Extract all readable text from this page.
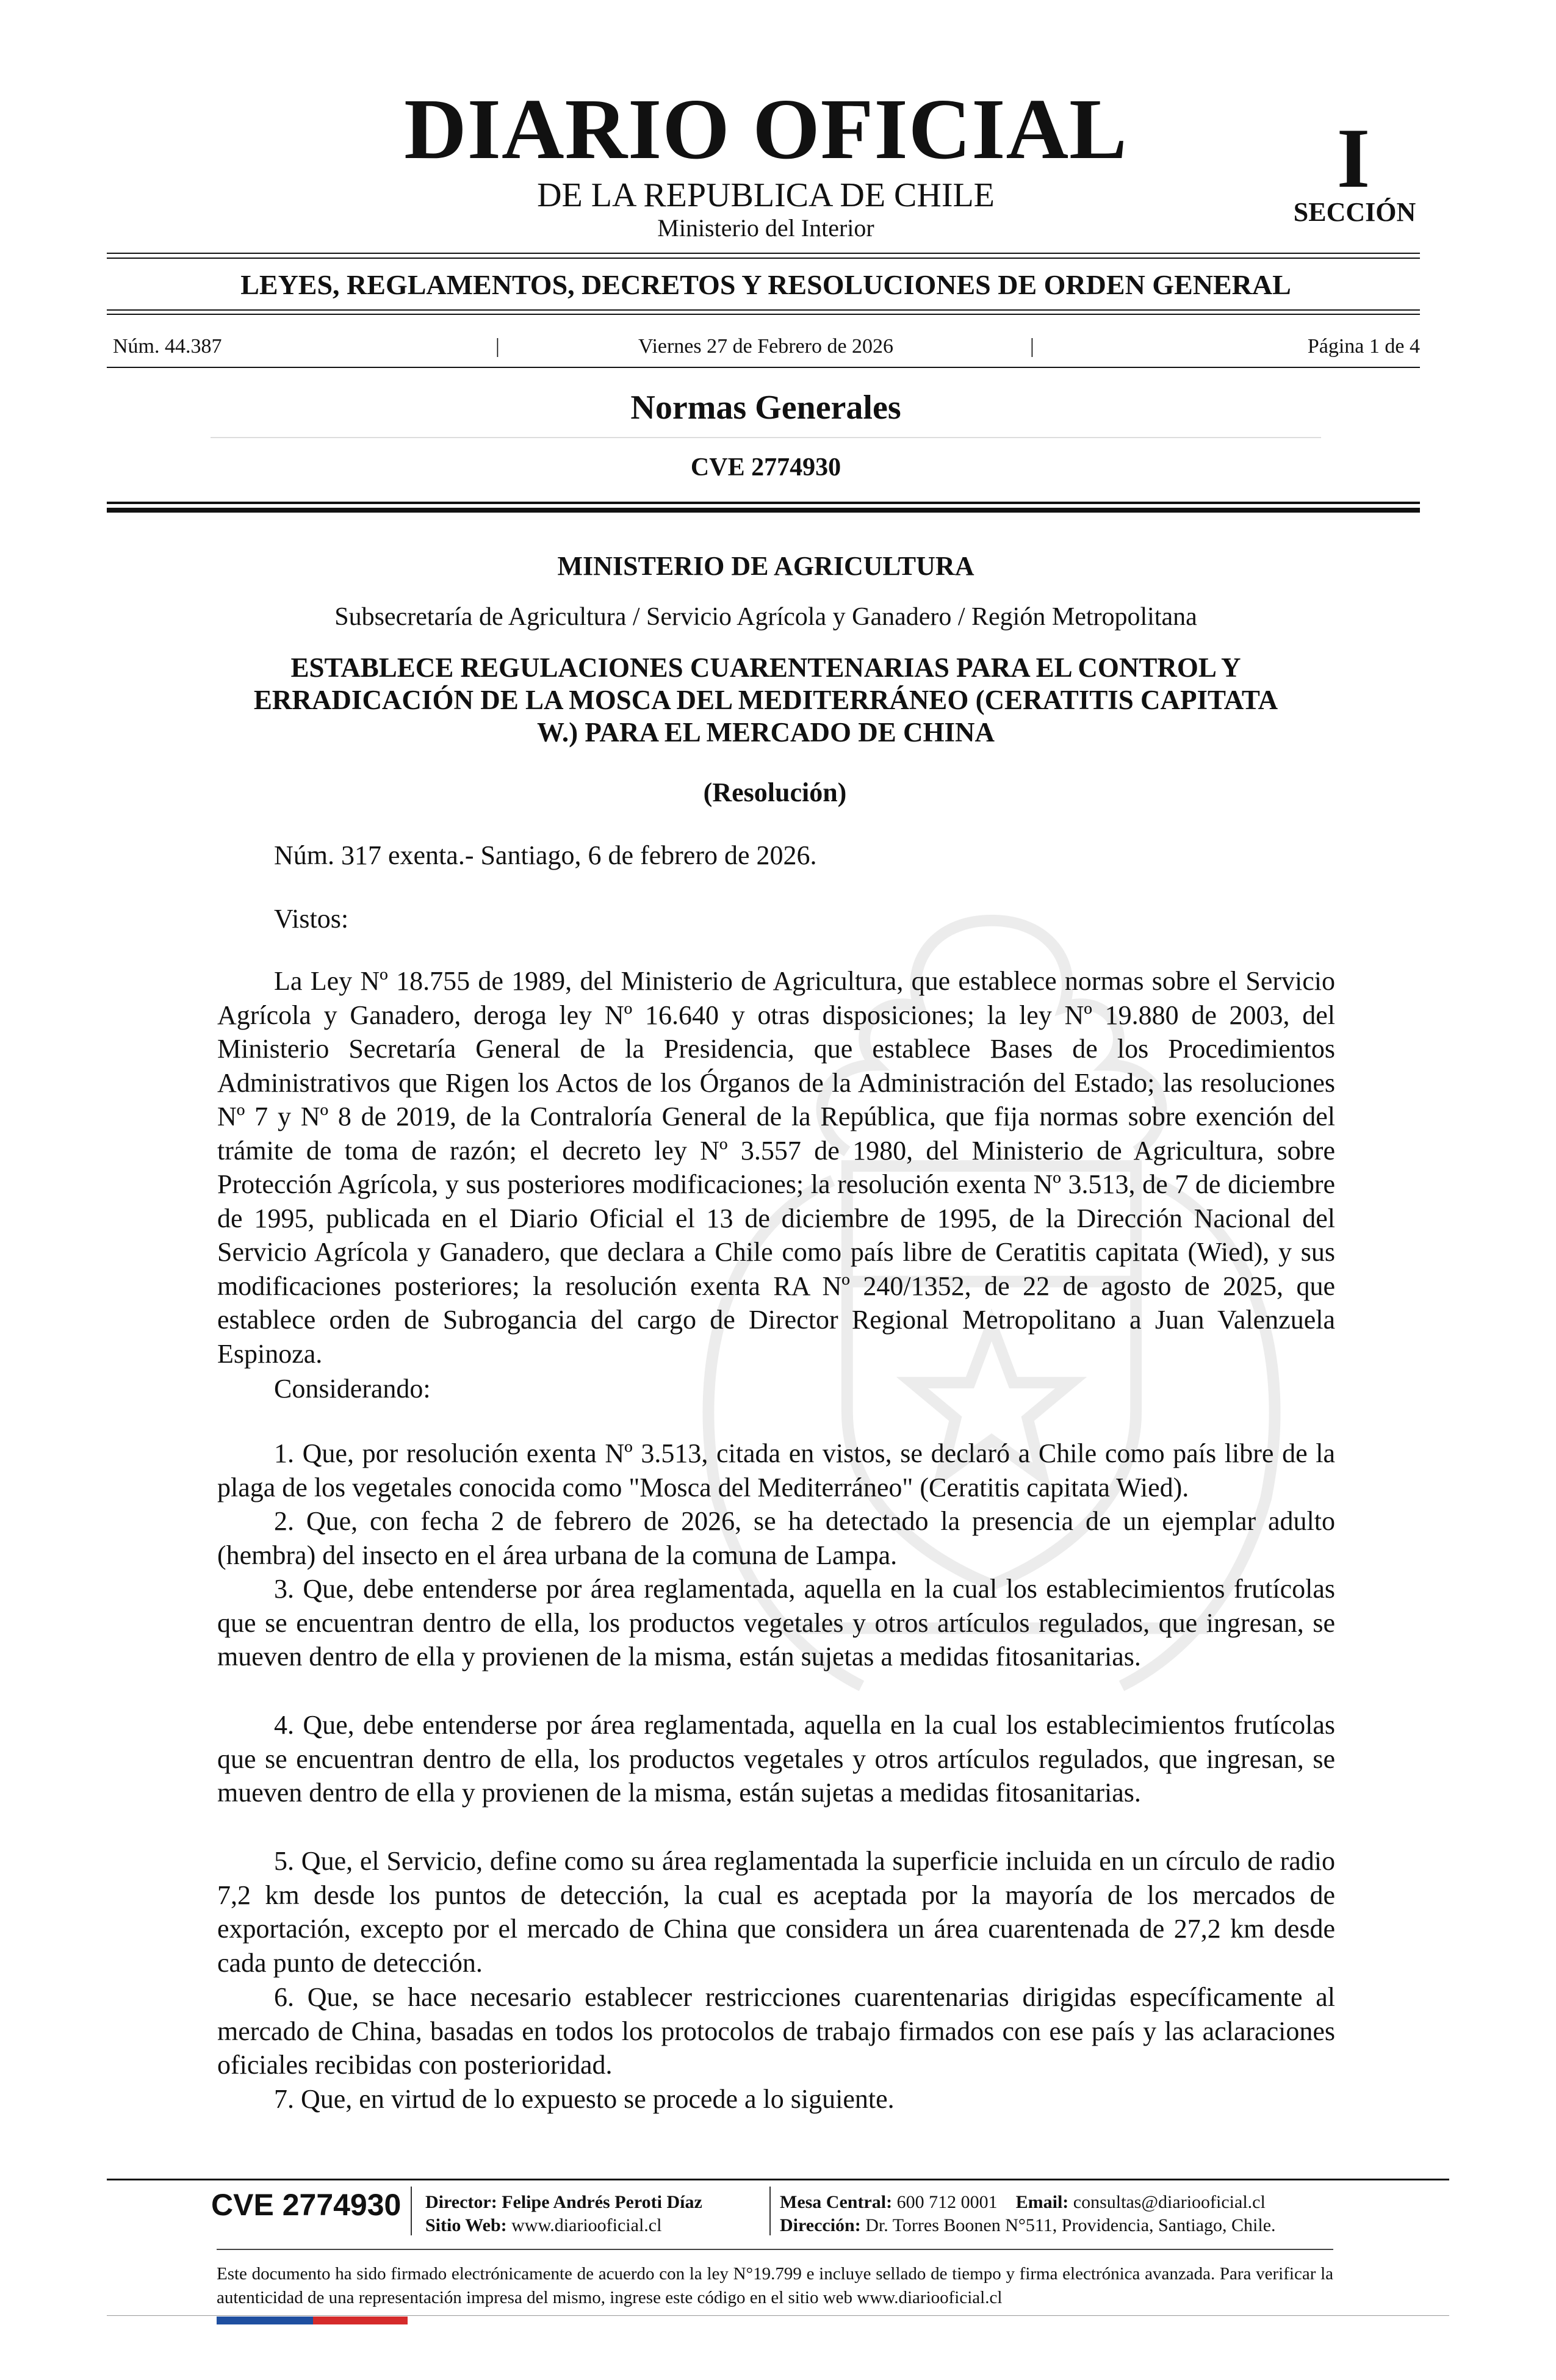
DIARIO OFICIAL
DE LA REPUBLICA DE CHILE
Ministerio del Interior
I
SECCIÓN
LEYES, REGLAMENTOS, DECRETOS Y RESOLUCIONES DE ORDEN GENERAL
Núm. 44.387	|	Viernes 27 de Febrero de 2026	|	Página 1 de 4
Normas Generales
CVE 2774930
MINISTERIO DE AGRICULTURA
Subsecretaría de Agricultura / Servicio Agrícola y Ganadero / Región Metropolitana
ESTABLECE REGULACIONES CUARENTENARIAS PARA EL CONTROL Y
ERRADICACIÓN DE LA MOSCA DEL MEDITERRÁNEO (CERATITIS CAPITATA
W.) PARA EL MERCADO DE CHINA
(Resolución)
Núm. 317 exenta.- Santiago, 6 de febrero de 2026.
Vistos:

La Ley Nº 18.755 de 1989, del Ministerio de Agricultura, que establece normas sobre el Servicio Agrícola y Ganadero, deroga ley Nº 16.640 y otras disposiciones; la ley Nº 19.880 de 2003, del Ministerio Secretaría General de la Presidencia, que establece Bases de los Procedimientos Administrativos que Rigen los Actos de los Órganos de la Administración del Estado; las resoluciones Nº 7 y Nº 8 de 2019, de la Contraloría General de la República, que fija normas sobre exención del trámite de toma de razón; el decreto ley Nº 3.557 de 1980, del Ministerio de Agricultura, sobre Protección Agrícola, y sus posteriores modificaciones; la resolución exenta Nº 3.513, de 7 de diciembre de 1995, publicada en el Diario Oficial el 13 de diciembre de 1995, de la Dirección Nacional del Servicio Agrícola y Ganadero, que declara a Chile como país libre de Ceratitis capitata (Wied), y sus modificaciones posteriores; la resolución exenta RA Nº 240/1352, de 22 de agosto de 2025, que establece orden de Subrogancia del cargo de Director Regional Metropolitano a Juan Valenzuela Espinoza.

Considerando:

1. Que, por resolución exenta Nº 3.513, citada en vistos, se declaró a Chile como país libre de la plaga de los vegetales conocida como "Mosca del Mediterráneo" (Ceratitis capitata Wied).

2. Que, con fecha 2 de febrero de 2026, se ha detectado la presencia de un ejemplar adulto (hembra) del insecto en el área urbana de la comuna de Lampa.

3. Que, debe entenderse por área reglamentada, aquella en la cual los establecimientos frutícolas que se encuentran dentro de ella, los productos vegetales y otros artículos regulados, que ingresan, se mueven dentro de ella y provienen de la misma, están sujetas a medidas fitosanitarias.

4. Que, debe entenderse por área reglamentada, aquella en la cual los establecimientos frutícolas que se encuentran dentro de ella, los productos vegetales y otros artículos regulados, que ingresan, se mueven dentro de ella y provienen de la misma, están sujetas a medidas fitosanitarias.

5. Que, el Servicio, define como su área reglamentada la superficie incluida en un círculo de radio 7,2 km desde los puntos de detección, la cual es aceptada por la mayoría de los mercados de exportación, excepto por el mercado de China que considera un área cuarentenada de 27,2 km desde cada punto de detección.

6. Que, se hace necesario establecer restricciones cuarentenarias dirigidas específicamente al mercado de China, basadas en todos los protocolos de trabajo firmados con ese país y las aclaraciones oficiales recibidas con posterioridad.

7. Que, en virtud de lo expuesto se procede a lo siguiente.

CVE 2774930 Director: Felipe Andrés Peroti Díaz
Sitio Web: www.diariooficial.cl
Mesa Central: 600 712 0001 Email: consultas@diariooficial.cl
Dirección: Dr. Torres Boonen N°511, Providencia, Santiago, Chile.
Este documento ha sido firmado electrónicamente de acuerdo con la ley N°19.799 e incluye sellado de tiempo y firma electrónica avanzada. Para verificar la autenticidad de una representación impresa del mismo, ingrese este código en el sitio web www.diariooficial.cl
